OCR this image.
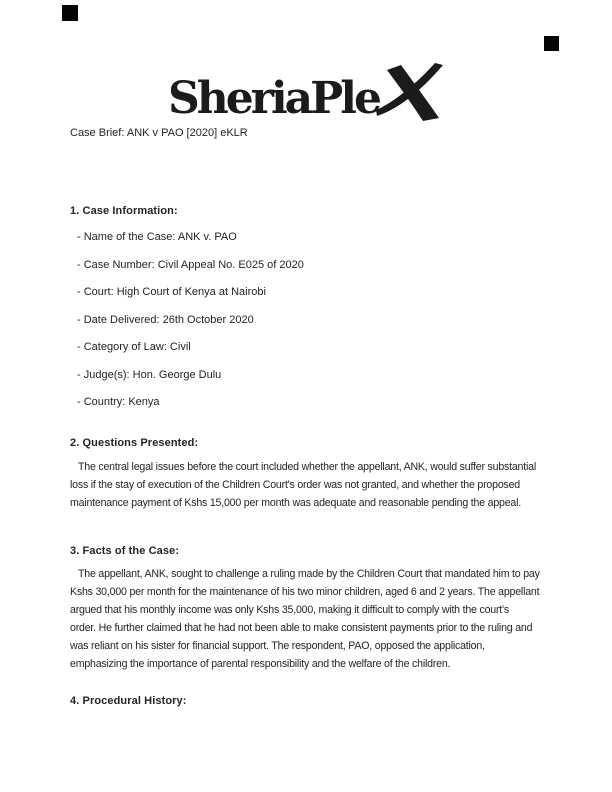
SheriaPle
Case Brief: ANK v PAO [2020] eKLR
1. Case Information:
- Name of the Case: ANK v. PAO
- Case Number: Civil Appeal No. E025 of 2020
- Court: High Court of Kenya at Nairobi
- Date Delivered: 26th October 2020
- Category of Law: Civil
- Judge(s): Hon. George Dulu
- Country: Kenya
2. Questions Presented:
The central legal issues before the court included whether the appellant, ANK, would suffer substantial
loss if the stay of execution of the Children Court's order was not granted, and whether the proposed
maintenance payment of Kshs 15,000 per month was adequate and reasonable pending the appeal.
3. Facts of the Case:
The appellant, ANK, sought to challenge a ruling made by the Children Court that mandated him to pay
Kshs 30,000 per month for the maintenance of his two minor children, aged 6 and 2 years. The appellant
argued that his monthly income was only Kshs 35,000, making it difficult to comply with the court's
order. He further claimed that he had not been able to make consistent payments prior to the ruling and
was reliant on his sister for financial support. The respondent, PAO, opposed the application,
emphasizing the importance of parental responsibility and the welfare of the children.
4. Procedural History:
